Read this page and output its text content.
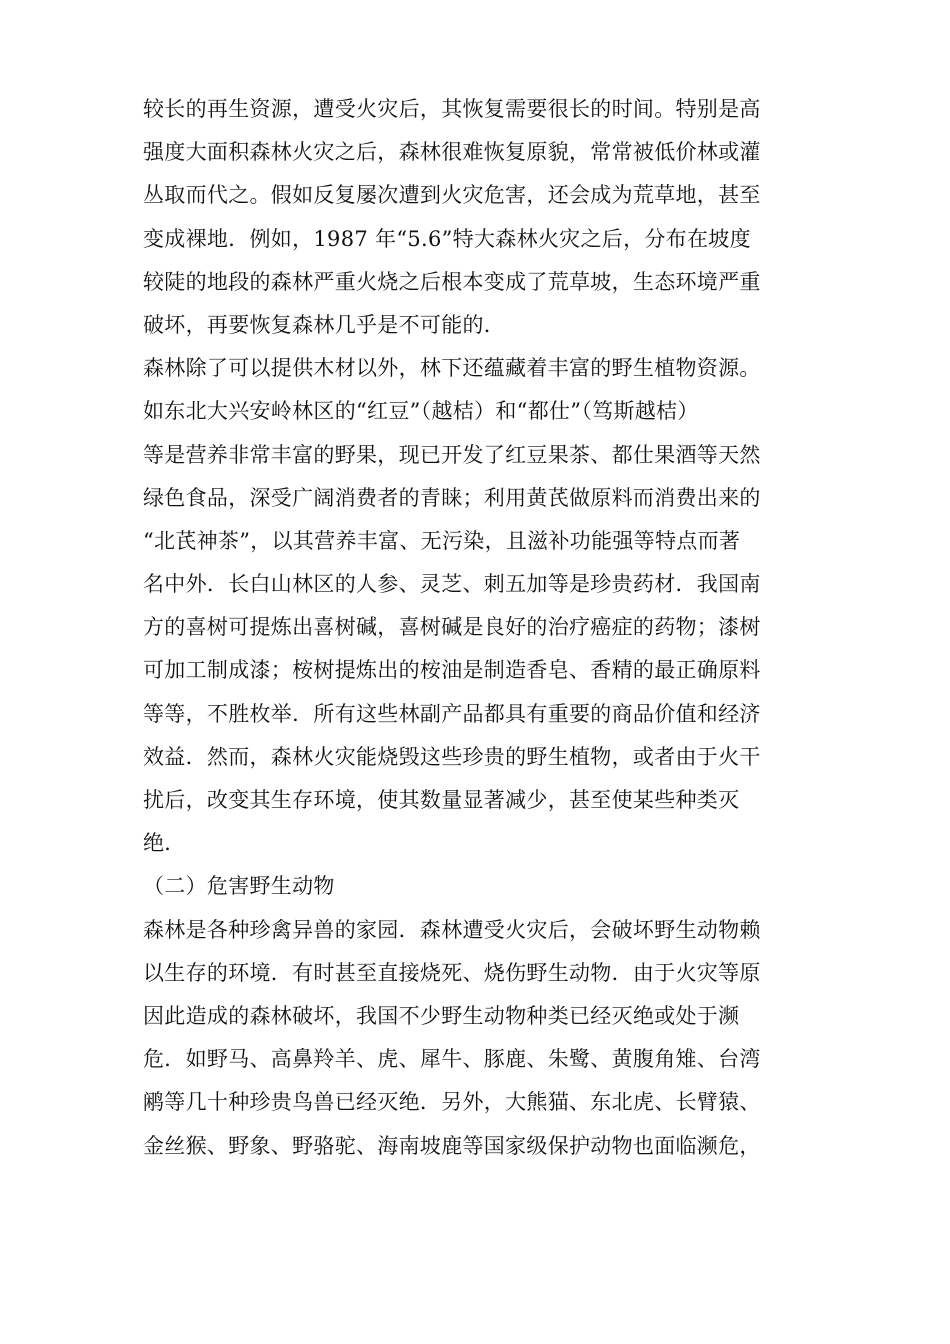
较长的再生资源，遭受火灾后，其恢复需要很长的时间。特别是高
强度大面积森林火灾之后，森林很难恢复原貌，常常被低价林或灌
丛取而代之。假如反复屡次遭到火灾危害，还会成为荒草地，甚至
变成裸地．例如，1987 年“5.6”特大森林火灾之后，分布在坡度
较陡的地段的森林严重火烧之后根本变成了荒草坡，生态环境严重
破坏，再要恢复森林几乎是不可能的．
森林除了可以提供木材以外，林下还蕴藏着丰富的野生植物资源。
如东北大兴安岭林区的“红豆”（越桔）和“都仕”（笃斯越桔）
等是营养非常丰富的野果，现已开发了红豆果茶、都仕果酒等天然
绿色食品，深受广阔消费者的青睐；利用黄芪做原料而消费出来的
“北芪神茶”，以其营养丰富、无污染，且滋补功能强等特点而著
名中外．长白山林区的人参、灵芝、刺五加等是珍贵药材．我国南
方的喜树可提炼出喜树碱，喜树碱是良好的治疗癌症的药物；漆树
可加工制成漆；桉树提炼出的桉油是制造香皂、香精的最正确原料
等等，不胜枚举．所有这些林副产品都具有重要的商品价值和经济
效益．然而，森林火灾能烧毁这些珍贵的野生植物，或者由于火干
扰后，改变其生存环境，使其数量显著减少，甚至使某些种类灭
绝．
（二）危害野生动物
森林是各种珍禽异兽的家园．森林遭受火灾后，会破坏野生动物赖
以生存的环境．有时甚至直接烧死、烧伤野生动物．由于火灾等原
因此造成的森林破坏，我国不少野生动物种类已经灭绝或处于濒
危．如野马、高鼻羚羊、虎、犀牛、豚鹿、朱鹭、黄腹角雉、台湾
鹇等几十种珍贵鸟兽已经灭绝．另外，大熊猫、东北虎、长臂猿、
金丝猴、野象、野骆驼、海南坡鹿等国家级保护动物也面临濒危，
